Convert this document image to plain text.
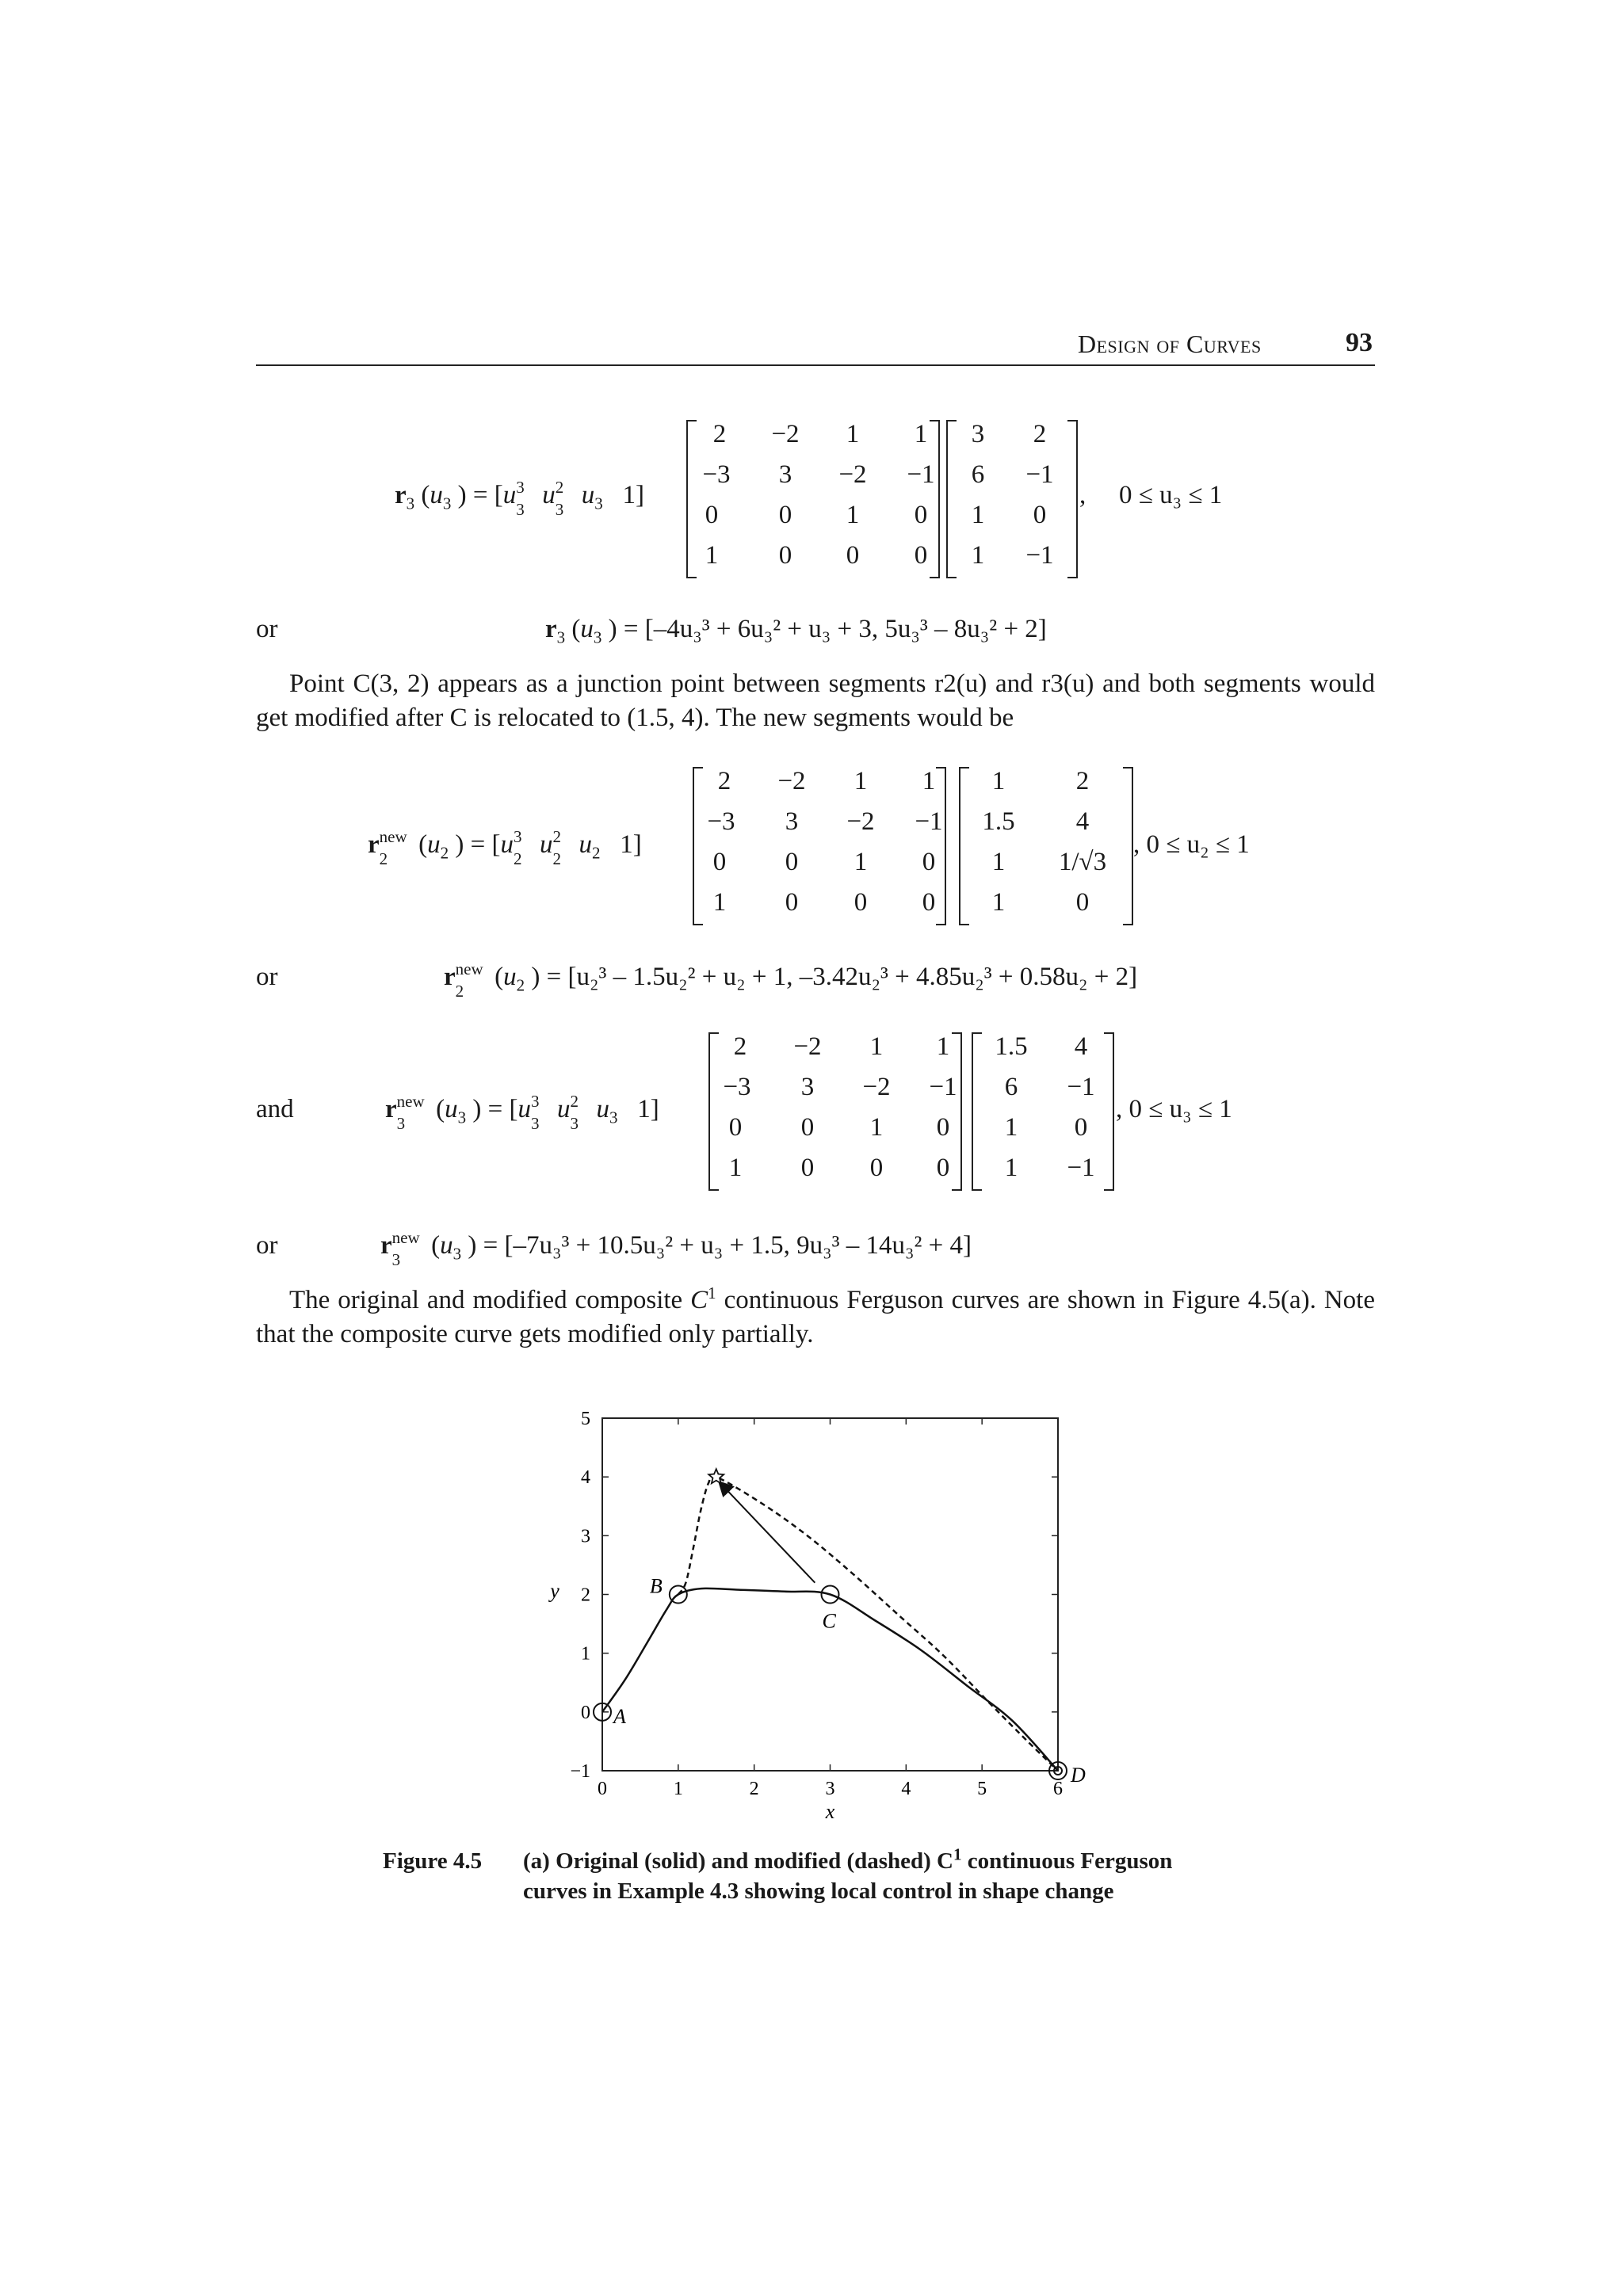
Design of Curves	93
$r_3$ ($u_3$ ) = [u 3
3 u 2
3 $u_3$   1]
2 −2 1 1
−3 3 −2 −1
0 0 1 0
1 0 0 0
3 2
6 −1
1 0
1 −1
, 0 ≤ u₃ ≤ 1
or	$r_3$ ($u_3$ ) = [–4u₃³ + 6u₃² + u₃ + 3, 5u₃³ – 8u₃² + 2]
Point C(3, 2) appears as a junction point between segments r2(u) and r3(u) and both segments would get modified after C is relocated to (1.5, 4). The new segments would be
r new
2 ($u_2$ ) = [u 3
2 u 2
2 $u_2$   1]
2 −2 1 1
−3 3 −2 −1
0 0 1 0
1 0 0 0
1	2
1.5 4
1 1/√3
1	0
, 0 ≤ u₂ ≤ 1
or	r new
2 ($u_2$ ) = [u₂³ – 1.5u₂² + u₂ + 1, –3.42u₂³ + 4.85u₂³ + 0.58u₂ + 2]
and	r new
3 ($u_3$ ) = [u 3
3 u 2
3 $u_3$   1]
2 −2 1 1
−3 3 −2 −1
0 0 1 0
1 0 0 0
1.5 4
6 −1
1 0
1 −1
, 0 ≤ u₃ ≤ 1
or	r new
3 ($u_3$ ) = [–7u₃³ + 10.5u₃² + u₃ + 1.5, 9u₃³ – 14u₃² + 4]
The original and modified composite $C^1$ continuous Ferguson curves are shown in Figure 4.5(a). Note that the composite curve gets modified only partially.
0	1	2	3	4	5	6
−1
0
1
2
3
4
5
A
B
C
D
x
y
Figure 4.5 (a) Original (solid) and modified (dashed) $C^1$ continuous Ferguson
curves in Example 4.3 showing local control in shape change
